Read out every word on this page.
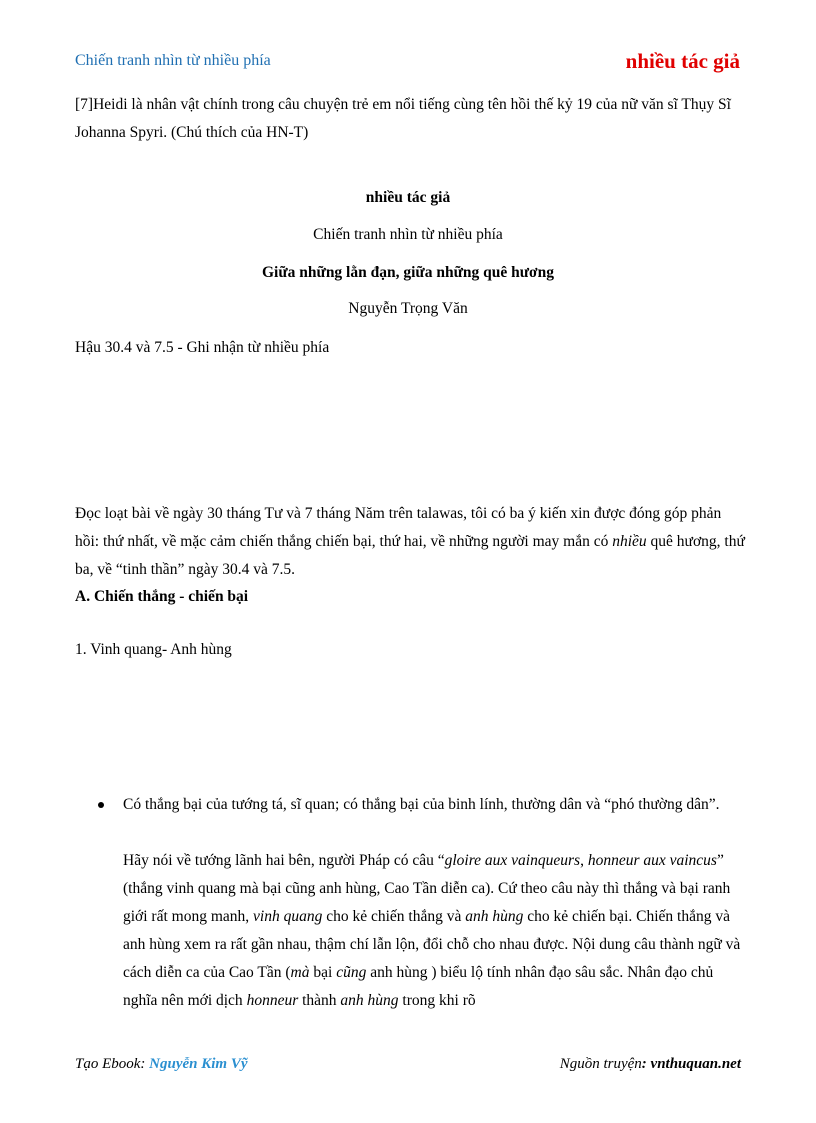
Chiến tranh nhìn từ nhiều phía	nhiều tác giả
[7]Heidi là nhân vật chính trong câu chuyện trẻ em nổi tiếng cùng tên hồi thế kỷ 19 của nữ văn sĩ Thụy Sĩ Johanna Spyri. (Chú thích của HN-T)
nhiều tác giả
Chiến tranh nhìn từ nhiều phía
Giữa những lằn đạn, giữa những quê hương
Nguyễn Trọng Văn
Hậu 30.4 và 7.5 - Ghi nhận từ nhiều phía
Đọc loạt bài về ngày 30 tháng Tư và 7 tháng Năm trên talawas, tôi có ba ý kiến xin được đóng góp phản hồi: thứ nhất, về mặc cảm chiến thắng chiến bại, thứ hai, về những người may mắn có nhiều quê hương, thứ ba, về “tinh thần” ngày 30.4 và 7.5.
A. Chiến thắng - chiến bại
1. Vinh quang- Anh hùng
Có thắng bại của tướng tá, sĩ quan; có thắng bại của binh lính, thường dân và “phó thường dân”.
Hãy nói về tướng lãnh hai bên, người Pháp có câu “gloire aux vainqueurs, honneur aux vaincus” (thắng vinh quang mà bại cũng anh hùng, Cao Tần diễn ca). Cứ theo câu này thì thắng và bại ranh giới rất mong manh, vinh quang cho kẻ chiến thắng và anh hùng cho kẻ chiến bại. Chiến thắng và anh hùng xem ra rất gần nhau, thậm chí lẫn lộn, đổi chỗ cho nhau được. Nội dung câu thành ngữ và cách diễn ca của Cao Tần (mà bại cũng anh hùng ) biểu lộ tính nhân đạo sâu sắc. Nhân đạo chủ nghĩa nên mới dịch honneur thành anh hùng trong khi rõ
Tạo Ebook: Nguyễn Kim Vỹ	Nguồn truyện: vnthuquan.net
